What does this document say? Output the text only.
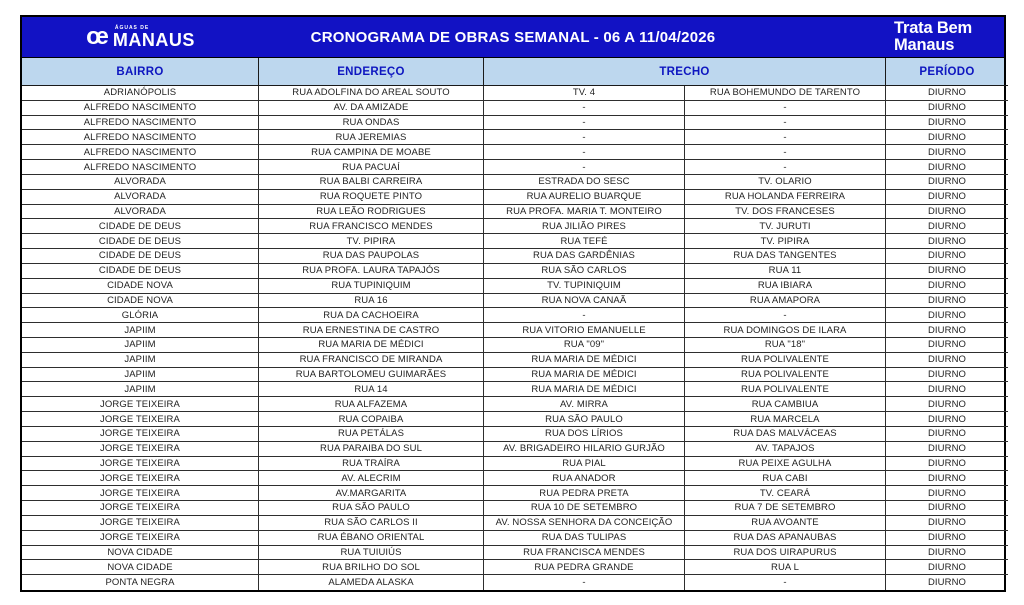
œ ÁGUAS DE
MANAUS	CRONOGRAMA DE OBRAS SEMANAL - 06 A 11/04/2026
Trata Bem
Manaus
BAIRRO	ENDEREÇO	TRECHO	PERÍODO
ADRIANÓPOLIS	RUA ADOLFINA DO AREAL SOUTO	TV. 4	RUA BOHEMUNDO DE TARENTO	DIURNO
ALFREDO NASCIMENTO	AV. DA AMIZADE	-	-	DIURNO
ALFREDO NASCIMENTO	RUA ONDAS	-	-	DIURNO
ALFREDO NASCIMENTO	RUA JEREMIAS	-	-	DIURNO
ALFREDO NASCIMENTO	RUA CAMPINA DE MOABE	-	-	DIURNO
ALFREDO NASCIMENTO	RUA PACUAÍ	-	-	DIURNO
ALVORADA	RUA BALBI CARREIRA	ESTRADA DO SESC	TV. OLARIO	DIURNO
ALVORADA	RUA ROQUETE PINTO	RUA AURELIO BUARQUE	RUA HOLANDA FERREIRA	DIURNO
ALVORADA	RUA LEÃO RODRIGUES	RUA PROFA. MARIA T. MONTEIRO	TV. DOS FRANCESES	DIURNO
CIDADE DE DEUS	RUA FRANCISCO MENDES	RUA JILIÃO PIRES	TV. JURUTI	DIURNO
CIDADE DE DEUS	TV. PIPIRA	RUA TEFÉ	TV. PIPIRA	DIURNO
CIDADE DE DEUS	RUA DAS PAUPOLAS	RUA DAS GARDÊNIAS	RUA DAS TANGENTES	DIURNO
CIDADE DE DEUS	RUA PROFA. LAURA TAPAJÓS	RUA SÃO CARLOS	RUA 11	DIURNO
CIDADE NOVA	RUA TUPINIQUIM	TV. TUPINIQUIM	RUA IBIARA	DIURNO
CIDADE NOVA	RUA 16	RUA NOVA CANAÃ	RUA AMAPORA	DIURNO
GLÓRIA	RUA DA CACHOEIRA	-	-	DIURNO
JAPIIM	RUA ERNESTINA DE CASTRO	RUA VITORIO EMANUELLE	RUA DOMINGOS DE ILARA	DIURNO
JAPIIM	RUA MARIA DE MÉDICI	RUA "09"	RUA "18"	DIURNO
JAPIIM	RUA FRANCISCO DE MIRANDA	RUA MARIA DE MÉDICI	RUA POLIVALENTE	DIURNO
JAPIIM	RUA BARTOLOMEU GUIMARÃES	RUA MARIA DE MÉDICI	RUA POLIVALENTE	DIURNO
JAPIIM	RUA 14	RUA MARIA DE MÉDICI	RUA POLIVALENTE	DIURNO
JORGE TEIXEIRA	RUA ALFAZEMA	AV. MIRRA	RUA CAMBIUA	DIURNO
JORGE TEIXEIRA	RUA COPAIBA	RUA SÃO PAULO	RUA MARCELA	DIURNO
JORGE TEIXEIRA	RUA PETÁLAS	RUA DOS LÍRIOS	RUA DAS MALVÁCEAS	DIURNO
JORGE TEIXEIRA	RUA PARAIBA DO SUL	AV. BRIGADEIRO HILARIO GURJÃO	AV. TAPAJOS	DIURNO
JORGE TEIXEIRA	RUA TRAÍRA	RUA PIAL	RUA PEIXE AGULHA	DIURNO
JORGE TEIXEIRA	AV. ALECRIM	RUA ANADOR	RUA CABI	DIURNO
JORGE TEIXEIRA	AV.MARGARITA	RUA PEDRA PRETA	TV. CEARÁ	DIURNO
JORGE TEIXEIRA	RUA SÃO PAULO	RUA 10 DE SETEMBRO	RUA 7 DE SETEMBRO	DIURNO
JORGE TEIXEIRA	RUA SÃO CARLOS II	AV. NOSSA SENHORA DA CONCEIÇÃO	RUA AVOANTE	DIURNO
JORGE TEIXEIRA	RUA ÉBANO ORIENTAL	RUA DAS TULIPAS	RUA DAS APANAUBAS	DIURNO
NOVA CIDADE	RUA TUIUIÚS	RUA FRANCISCA MENDES	RUA DOS UIRAPURUS	DIURNO
NOVA CIDADE	RUA BRILHO DO SOL	RUA PEDRA GRANDE	RUA L	DIURNO
PONTA NEGRA	ALAMEDA ALASKA	-	-	DIURNO
